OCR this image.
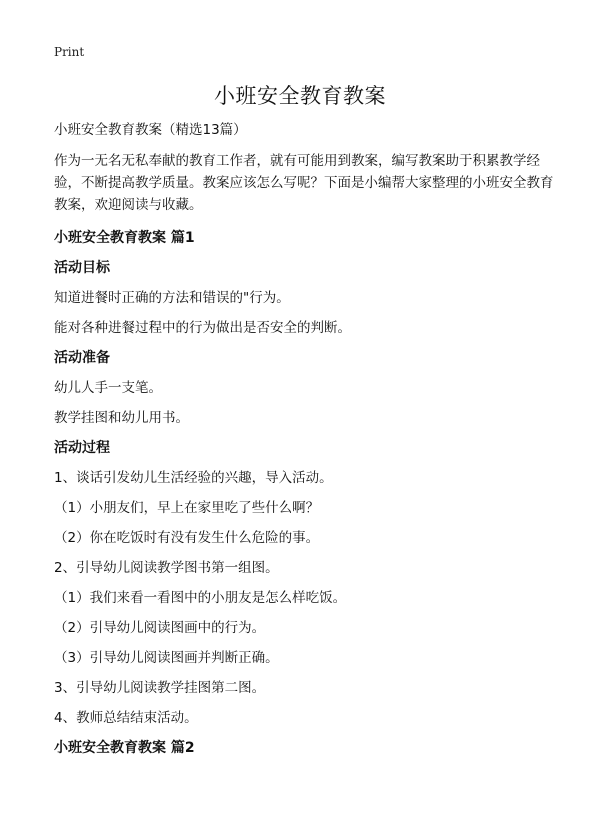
Print
小班安全教育教案

小班安全教育教案（精选13篇）

作为一无名无私奉献的教育工作者，就有可能用到教案，编写教案助于积累教学经验，不断提高教学质量。教案应该怎么写呢？下面是小编帮大家整理的小班安全教育教案，欢迎阅读与收藏。

小班安全教育教案 篇1

活动目标

知道进餐时正确的方法和错误的"行为。

能对各种进餐过程中的行为做出是否安全的判断。

活动准备

幼儿人手一支笔。

教学挂图和幼儿用书。

活动过程

1、谈话引发幼儿生活经验的兴趣，导入活动。

（1）小朋友们，早上在家里吃了些什么啊？

（2）你在吃饭时有没有发生什么危险的事。

2、引导幼儿阅读教学图书第一组图。

（1）我们来看一看图中的小朋友是怎么样吃饭。

（2）引导幼儿阅读图画中的行为。

（3）引导幼儿阅读图画并判断正确。

3、引导幼儿阅读教学挂图第二图。

4、教师总结结束活动。

小班安全教育教案 篇2
